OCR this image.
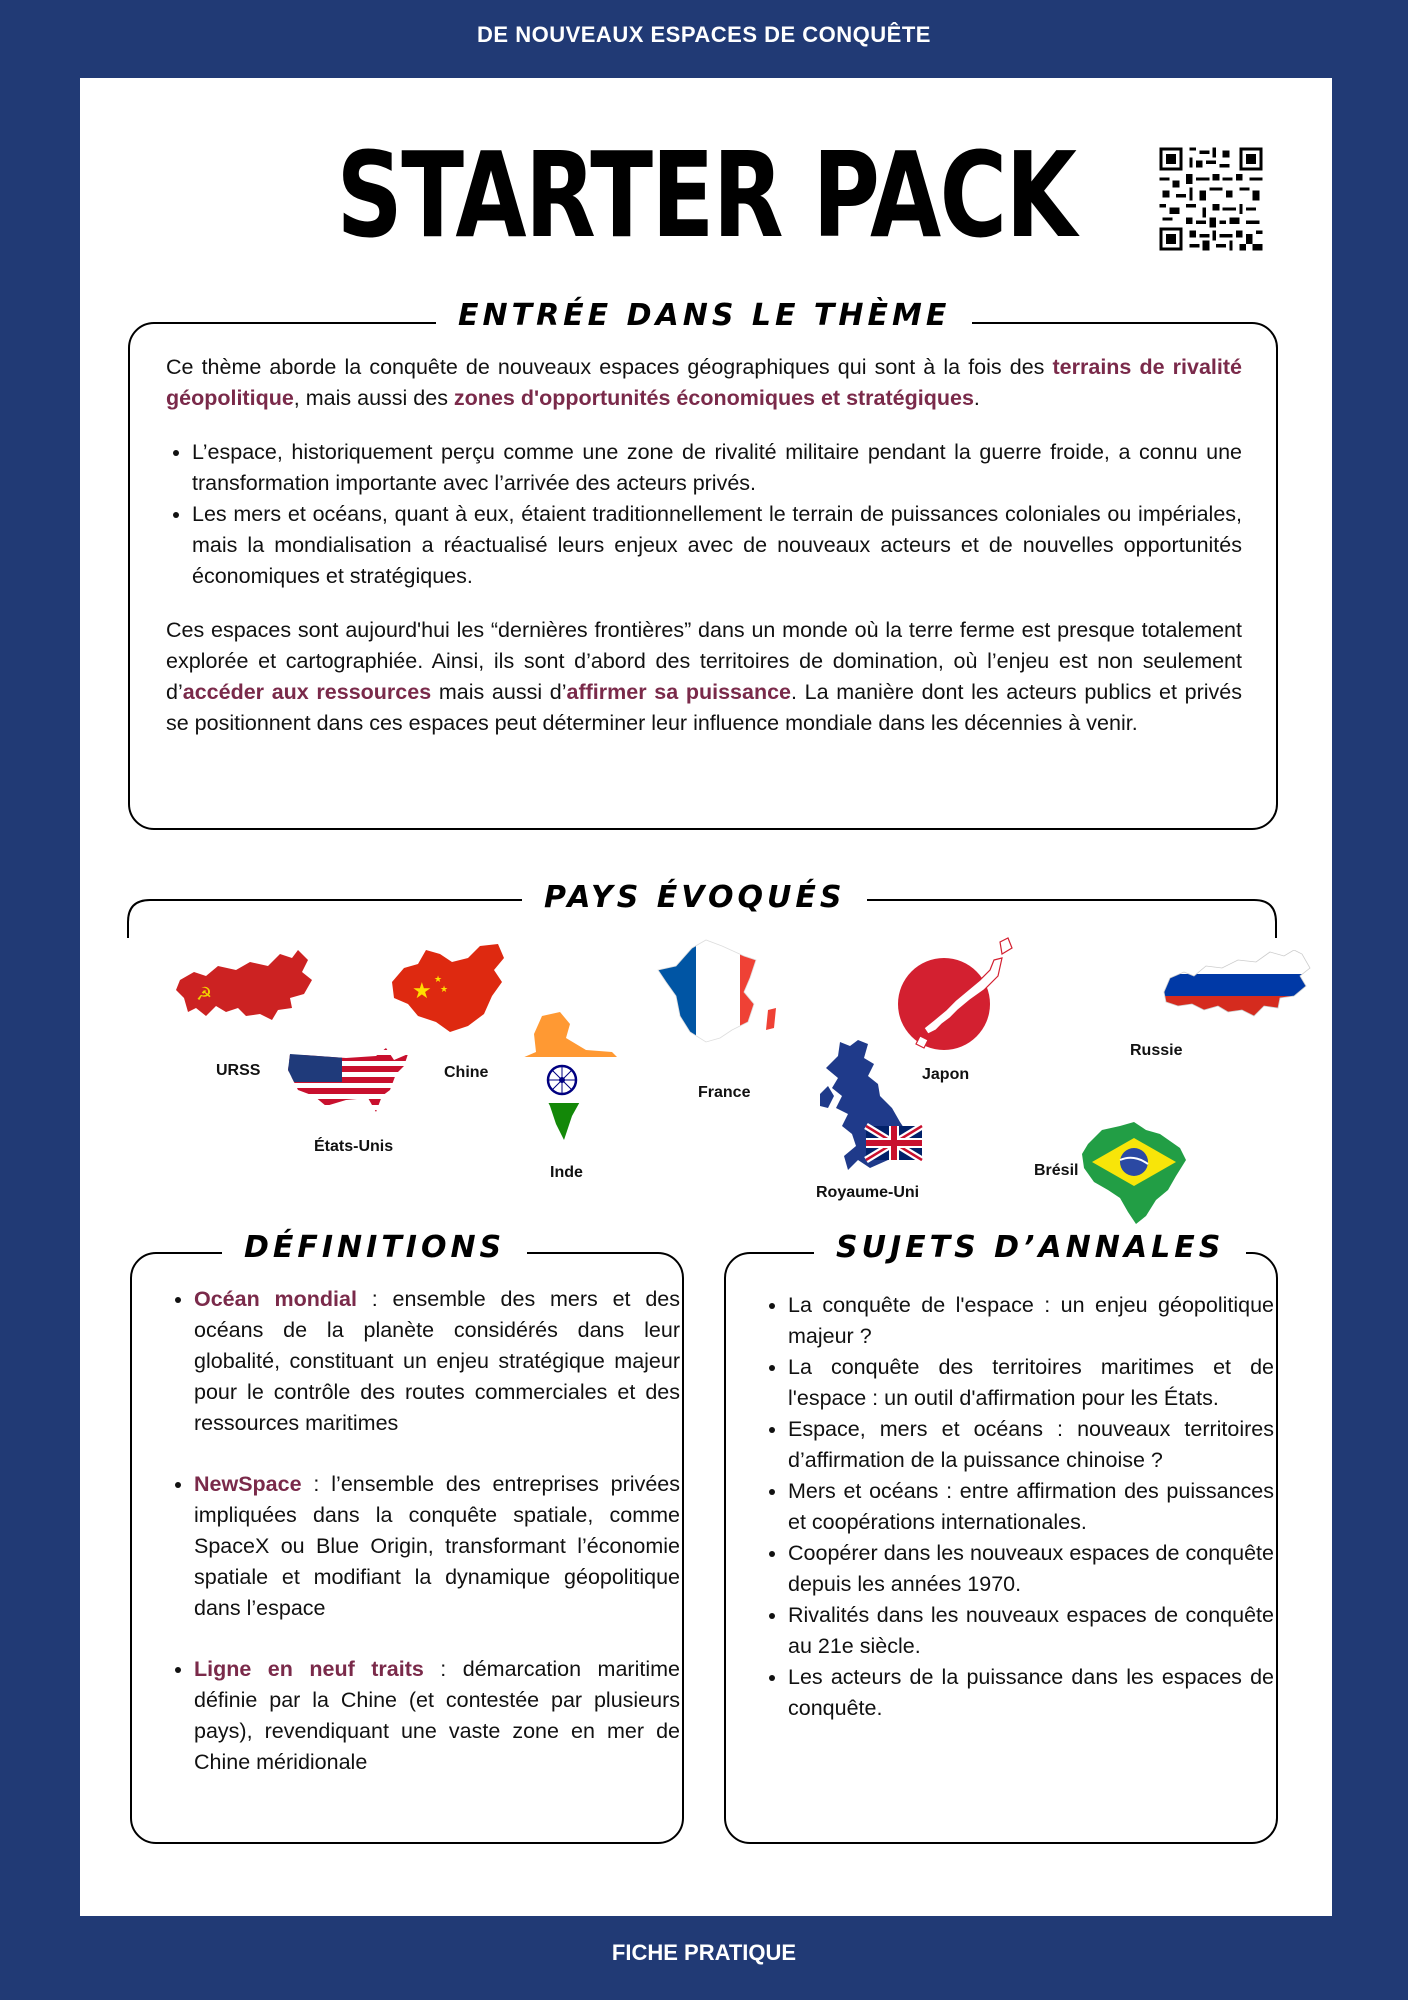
DE NOUVEAUX ESPACES DE CONQUÊTE
STARTER PACK
Ce thème aborde la conquête de nouveaux espaces géographiques qui sont à la fois des terrains de rivalité géopolitique, mais aussi des zones d'opportunités économiques et stratégiques.
• L’espace, historiquement perçu comme une zone de rivalité militaire pendant la guerre froide, a connu une transformation importante avec l’arrivée des acteurs privés.
• Les mers et océans, quant à eux, étaient traditionnellement le terrain de puissances coloniales ou impériales, mais la mondialisation a réactualisé leurs enjeux avec de nouveaux acteurs et de nouvelles opportunités économiques et stratégiques.
Ces espaces sont aujourd'hui les “dernières frontières” dans un monde où la terre ferme est presque totalement explorée et cartographiée. Ainsi, ils sont d’abord des territoires de domination, où l’enjeu est non seulement d’accéder aux ressources mais aussi d’affirmer sa puissance. La manière dont les acteurs publics et privés se positionnent dans ces espaces peut déterminer leur influence mondiale dans les décennies à venir.
ENTRÉE DANS LE THÈME
PAYS ÉVOQUÉS
☭	★ ★
★
URSS
États-Unis
Chine
Inde
France
Royaume-Uni
Japon
Brésil
Russie
• Océan mondial : ensemble des mers et des océans de la planète considérés dans leur globalité, constituant un enjeu stratégique majeur pour le contrôle des routes commerciales et des ressources maritimes
• NewSpace : l’ensemble des entreprises privées impliquées dans la conquête spatiale, comme SpaceX ou Blue Origin, transformant l’économie spatiale et modifiant la dynamique géopolitique dans l’espace
• Ligne en neuf traits : démarcation maritime définie par la Chine (et contestée par plusieurs pays), revendiquant une vaste zone en mer de Chine méridionale
DÉFINITIONS
• La conquête de l'espace : un enjeu géopolitique majeur ?
• La conquête des territoires maritimes et de l'espace : un outil d'affirmation pour les États.
• Espace, mers et océans : nouveaux territoires d’affirmation de la puissance chinoise ?
• Mers et océans : entre affirmation des puissances et coopérations internationales.
• Coopérer dans les nouveaux espaces de conquête depuis les années 1970.
• Rivalités dans les nouveaux espaces de conquête au 21e siècle.
• Les acteurs de la puissance dans les espaces de conquête.
SUJETS D’ANNALES
FICHE PRATIQUE
